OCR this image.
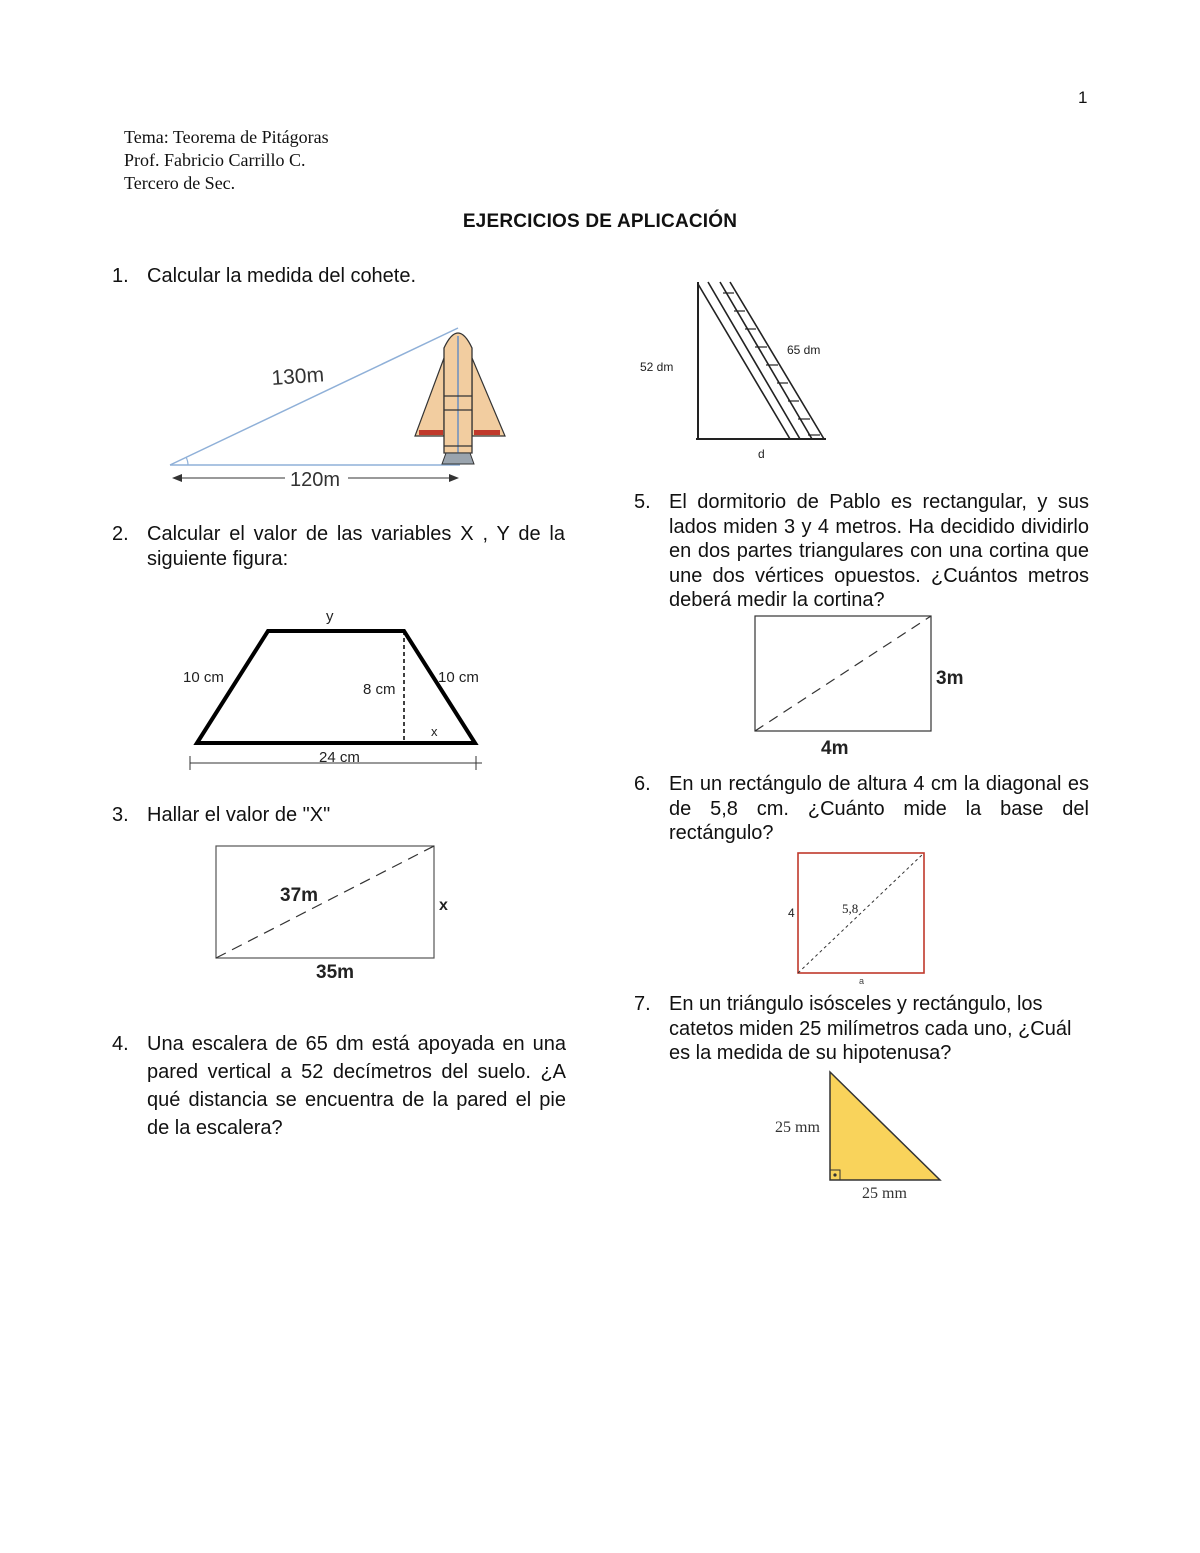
1
Tema: Teorema de Pitágoras
Prof. Fabricio Carrillo C.
Tercero de Sec.
EJERCICIOS DE APLICACIÓN
1. Calcular la medida del cohete.
130m
120m
2. Calcular el valor de las variables X , Y de la siguiente figura:
y
10 cm	10 cm
8 cm
x
24 cm
3. Hallar el valor de "X"
37m	x
35m
4. Una escalera de 65 dm está apoyada en una pared vertical a 52 decímetros del suelo. ¿A qué distancia se encuentra de la pared el pie de la escalera?
52 dm
65 dm
d
5. El dormitorio de Pablo es rectangular, y sus lados miden 3 y 4 metros. Ha decidido dividirlo en dos partes triangulares con una cortina que une dos vértices opuestos. ¿Cuántos metros deberá medir la cortina?
3m
4m
6. En un rectángulo de altura 4 cm la diagonal es de 5,8 cm. ¿Cuánto mide la base del rectángulo?
4	5,8
a
7. En un triángulo isósceles y rectángulo, los catetos miden 25 milímetros cada uno, ¿Cuál es la medida de su hipotenusa?
25 mm
25 mm
